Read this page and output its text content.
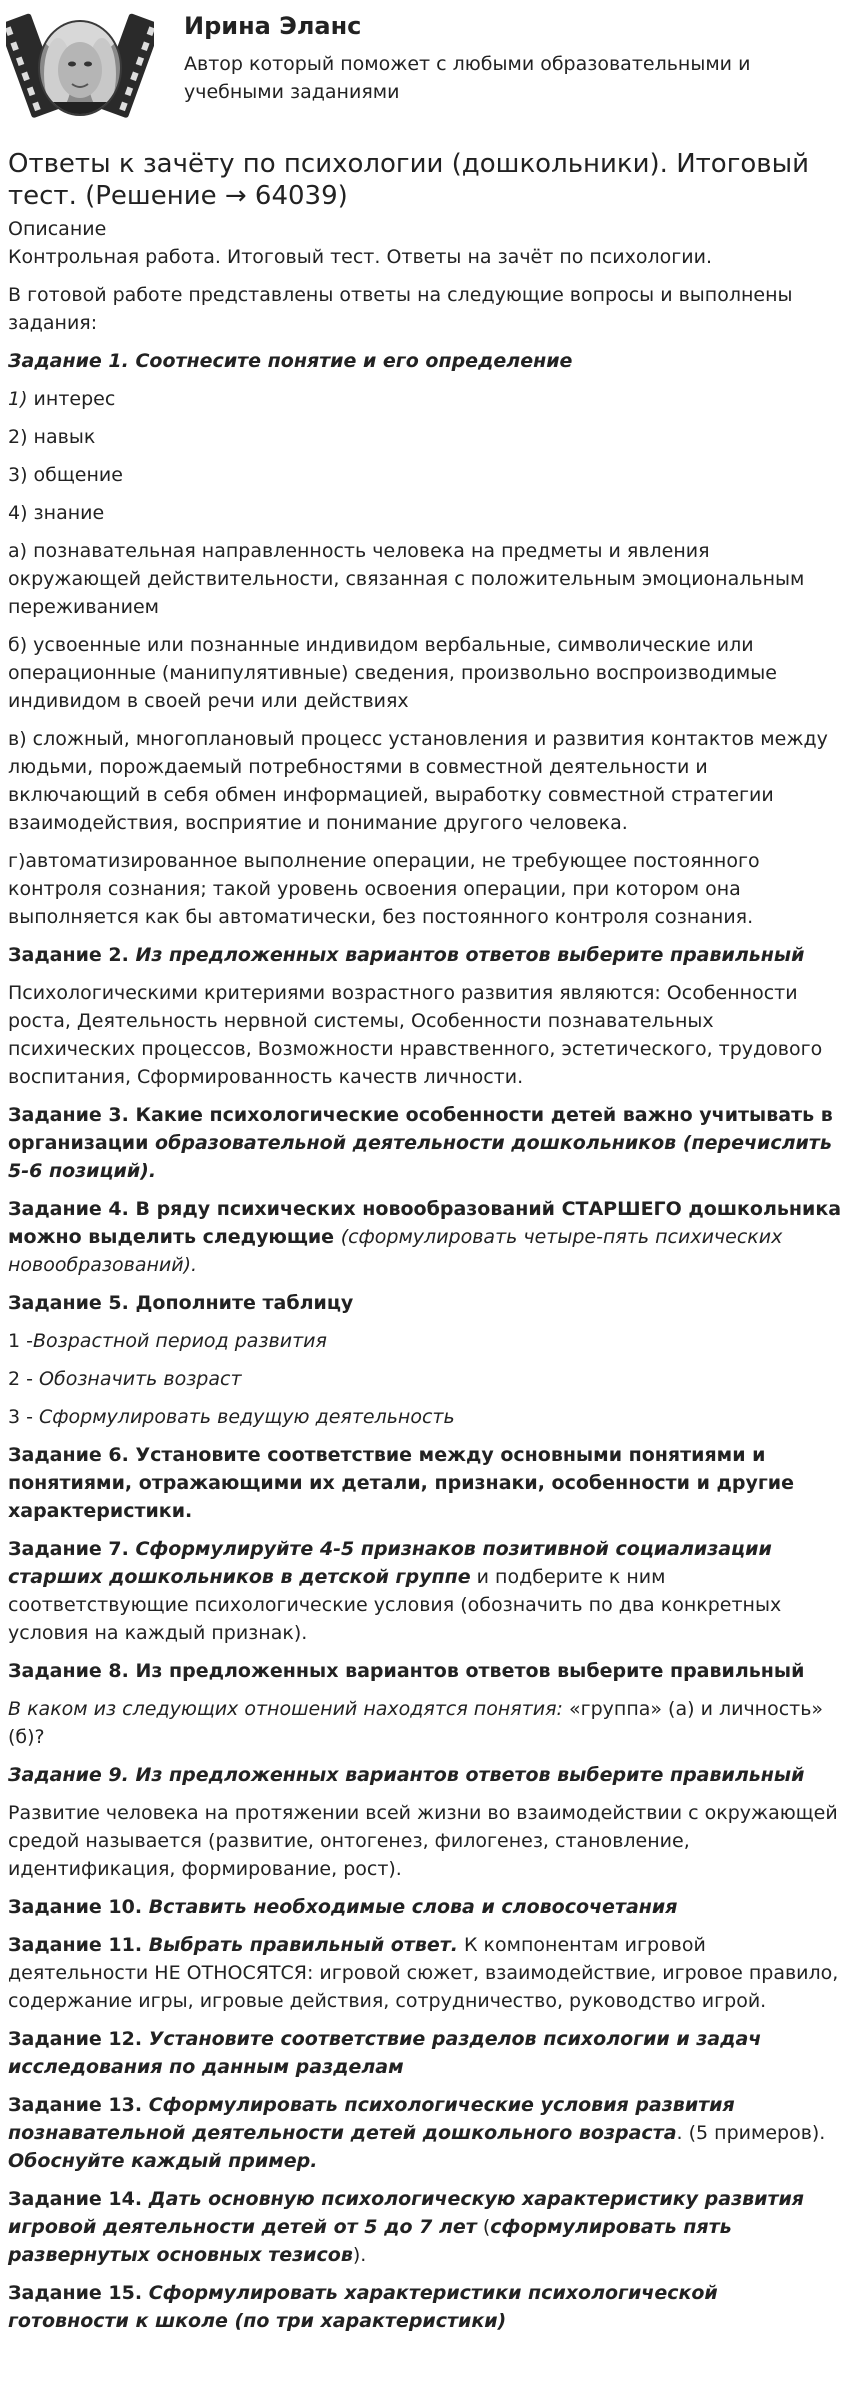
Ирина Эланс
Автор который поможет с любыми образовательными и учебными заданиями
Ответы к зачёту по психологии (дошкольники). Итоговый тест. (Решение → 64039)

Описание

Контрольная работа. Итоговый тест. Ответы на зачёт по психологии.

В готовой работе представлены ответы на следующие вопросы и выполнены задания:

Задание 1. Соотнесите понятие и его определение

1) интерес

2) навык

3) общение

4) знание

а) познавательная направленность человека на предметы и явления окружающей действительности, связанная с положительным эмоциональным переживанием

б) усвоенные или познанные индивидом вербальные, символические или операционные (манипулятивные) сведения, произвольно воспроизводимые индивидом в своей речи или действиях

в) сложный, многоплановый процесс установления и развития контактов между людьми, порождаемый потребностями в совместной деятельности и включающий в себя обмен информацией, выработку совместной стратегии взаимодействия, восприятие и понимание другого человека.

г)автоматизированное выполнение операции, не требующее постоянного контроля сознания; такой уровень освоения операции, при котором она выполняется как бы автоматически, без постоянного контроля сознания.

Задание 2. Из предложенных вариантов ответов выберите правильный

Психологическими критериями возрастного развития являются: Особенности роста, Деятельность нервной системы, Особенности познавательных психических процессов, Возможности нравственного, эстетического, трудового воспитания, Сформированность качеств личности.

Задание 3. Какие психологические особенности детей важно учитывать в организации образовательной деятельности дошкольников (перечислить 5-6 позиций).

Задание 4. В ряду психических новообразований СТАРШЕГО дошкольника можно выделить следующие (сформулировать четыре-пять психических новообразований).

Задание 5. Дополните таблицу

1 -Возрастной период развития

2 - Обозначить возраст

3 - Сформулировать ведущую деятельность

Задание 6. Установите соответствие между основными понятиями и понятиями, отражающими их детали, признаки, особенности и другие характеристики.

Задание 7. Сформулируйте 4-5 признаков позитивной социализации старших дошкольников в детской группе и подберите к ним соответствующие психологические условия (обозначить по два конкретных условия на каждый признак).

Задание 8. Из предложенных вариантов ответов выберите правильный

В каком из следующих отношений находятся понятия: «группа» (а) и личность» (б)?

Задание 9. Из предложенных вариантов ответов выберите правильный

Развитие человека на протяжении всей жизни во взаимодействии с окружающей средой называется (развитие, онтогенез, филогенез, становление, идентификация, формирование, рост).

Задание 10. Вставить необходимые слова и словосочетания

Задание 11. Выбрать правильный ответ. К компонентам игровой деятельности НЕ ОТНОСЯТСЯ: игровой сюжет, взаимодействие, игровое правило, содержание игры, игровые действия, сотрудничество, руководство игрой.

Задание 12. Установите соответствие разделов психологии и задач исследования по данным разделам

Задание 13. Сформулировать психологические условия развития познавательной деятельности детей дошкольного возраста. (5 примеров). Обоснуйте каждый пример.

Задание 14. Дать основную психологическую характеристику развития игровой деятельности детей от 5 до 7 лет (сформулировать пять развернутых основных тезисов).

Задание 15. Сформулировать характеристики психологической готовности к школе (по три характеристики)
